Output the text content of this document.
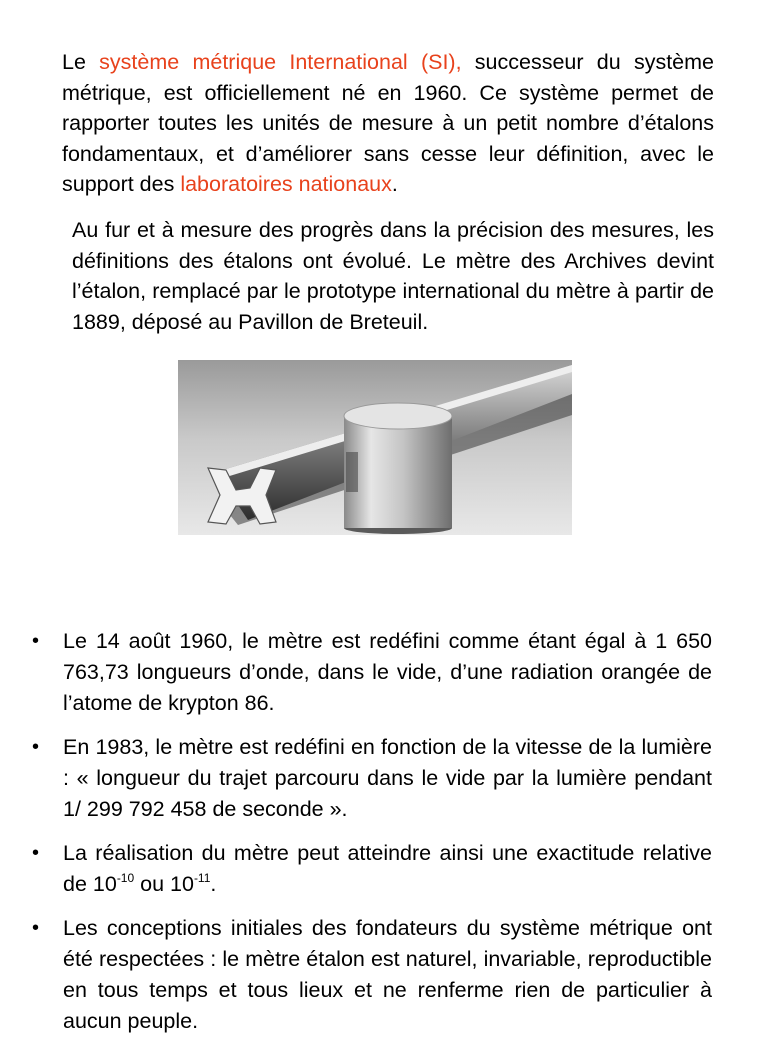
Le système métrique International (SI), successeur du système métrique, est officiellement né en 1960. Ce système permet de rapporter toutes les unités de mesure à un petit nombre d’étalons fondamentaux, et d’améliorer sans cesse leur définition, avec le support des laboratoires nationaux.

Au fur et à mesure des progrès dans la précision des mesures, les définitions des étalons ont évolué. Le mètre des Archives devint l’étalon, remplacé par le prototype international du mètre à partir de 1889, déposé au Pavillon de Breteuil.

• Le 14 août 1960, le mètre est redéfini comme étant égal à 1 650 763,73 longueurs d’onde, dans le vide, d’une radiation orangée de l’atome de krypton 86.
• En 1983, le mètre est redéfini en fonction de la vitesse de la lumière : « longueur du trajet parcouru dans le vide par la lumière pendant 1/ 299 792 458 de seconde ».
• La réalisation du mètre peut atteindre ainsi une exactitude relative de $10^{-10}$ ou $10^{-11}$.
• Les conceptions initiales des fondateurs du système métrique ont été respectées : le mètre étalon est naturel, invariable, reproductible en tous temps et tous lieux et ne renferme rien de particulier à aucun peuple.
